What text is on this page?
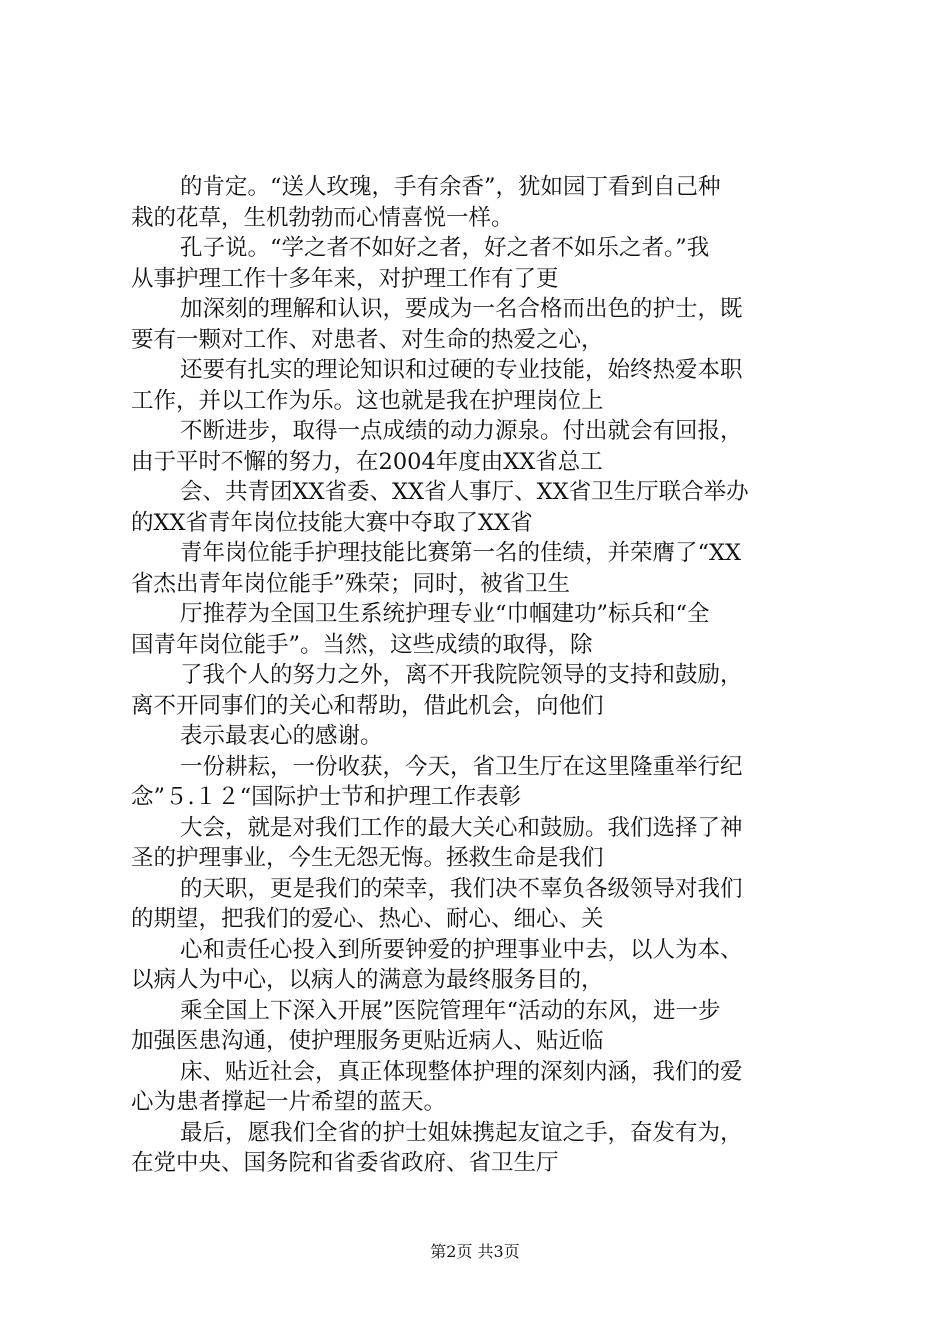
的肯定。“送人玫瑰，手有余香”，犹如园丁看到自己种
栽的花草，生机勃勃而心情喜悦一样。
孔子说。“学之者不如好之者，好之者不如乐之者。”我
从事护理工作十多年来，对护理工作有了更
加深刻的理解和认识，要成为一名合格而出色的护士，既
要有一颗对工作、对患者、对生命的热爱之心，
还要有扎实的理论知识和过硬的专业技能，始终热爱本职
工作，并以工作为乐。这也就是我在护理岗位上
不断进步，取得一点成绩的动力源泉。付出就会有回报，
由于平时不懈的努力，在2004年度由XX省总工
会、共青团XX省委、XX省人事厅、XX省卫生厅联合举办
的XX省青年岗位技能大赛中夺取了XX省
青年岗位能手护理技能比赛第一名的佳绩，并荣膺了“XX
省杰出青年岗位能手”殊荣；同时，被省卫生
厅推荐为全国卫生系统护理专业“巾帼建功”标兵和“全
国青年岗位能手”。当然，这些成绩的取得，除
了我个人的努力之外，离不开我院院领导的支持和鼓励，
离不开同事们的关心和帮助，借此机会，向他们
表示最衷心的感谢。
一份耕耘，一份收获，今天，省卫生厅在这里隆重举行纪
念”５.１２“国际护士节和护理工作表彰
大会，就是对我们工作的最大关心和鼓励。我们选择了神
圣的护理事业，今生无怨无悔。拯救生命是我们
的天职，更是我们的荣幸，我们决不辜负各级领导对我们
的期望，把我们的爱心、热心、耐心、细心、关
心和责任心投入到所要钟爱的护理事业中去，以人为本、
以病人为中心，以病人的满意为最终服务目的，
乘全国上下深入开展”医院管理年“活动的东风，进一步
加强医患沟通，使护理服务更贴近病人、贴近临
床、贴近社会，真正体现整体护理的深刻内涵，我们的爱
心为患者撑起一片希望的蓝天。
最后，愿我们全省的护士姐妹携起友谊之手，奋发有为，
在党中央、国务院和省委省政府、省卫生厅
第2页 共3页
